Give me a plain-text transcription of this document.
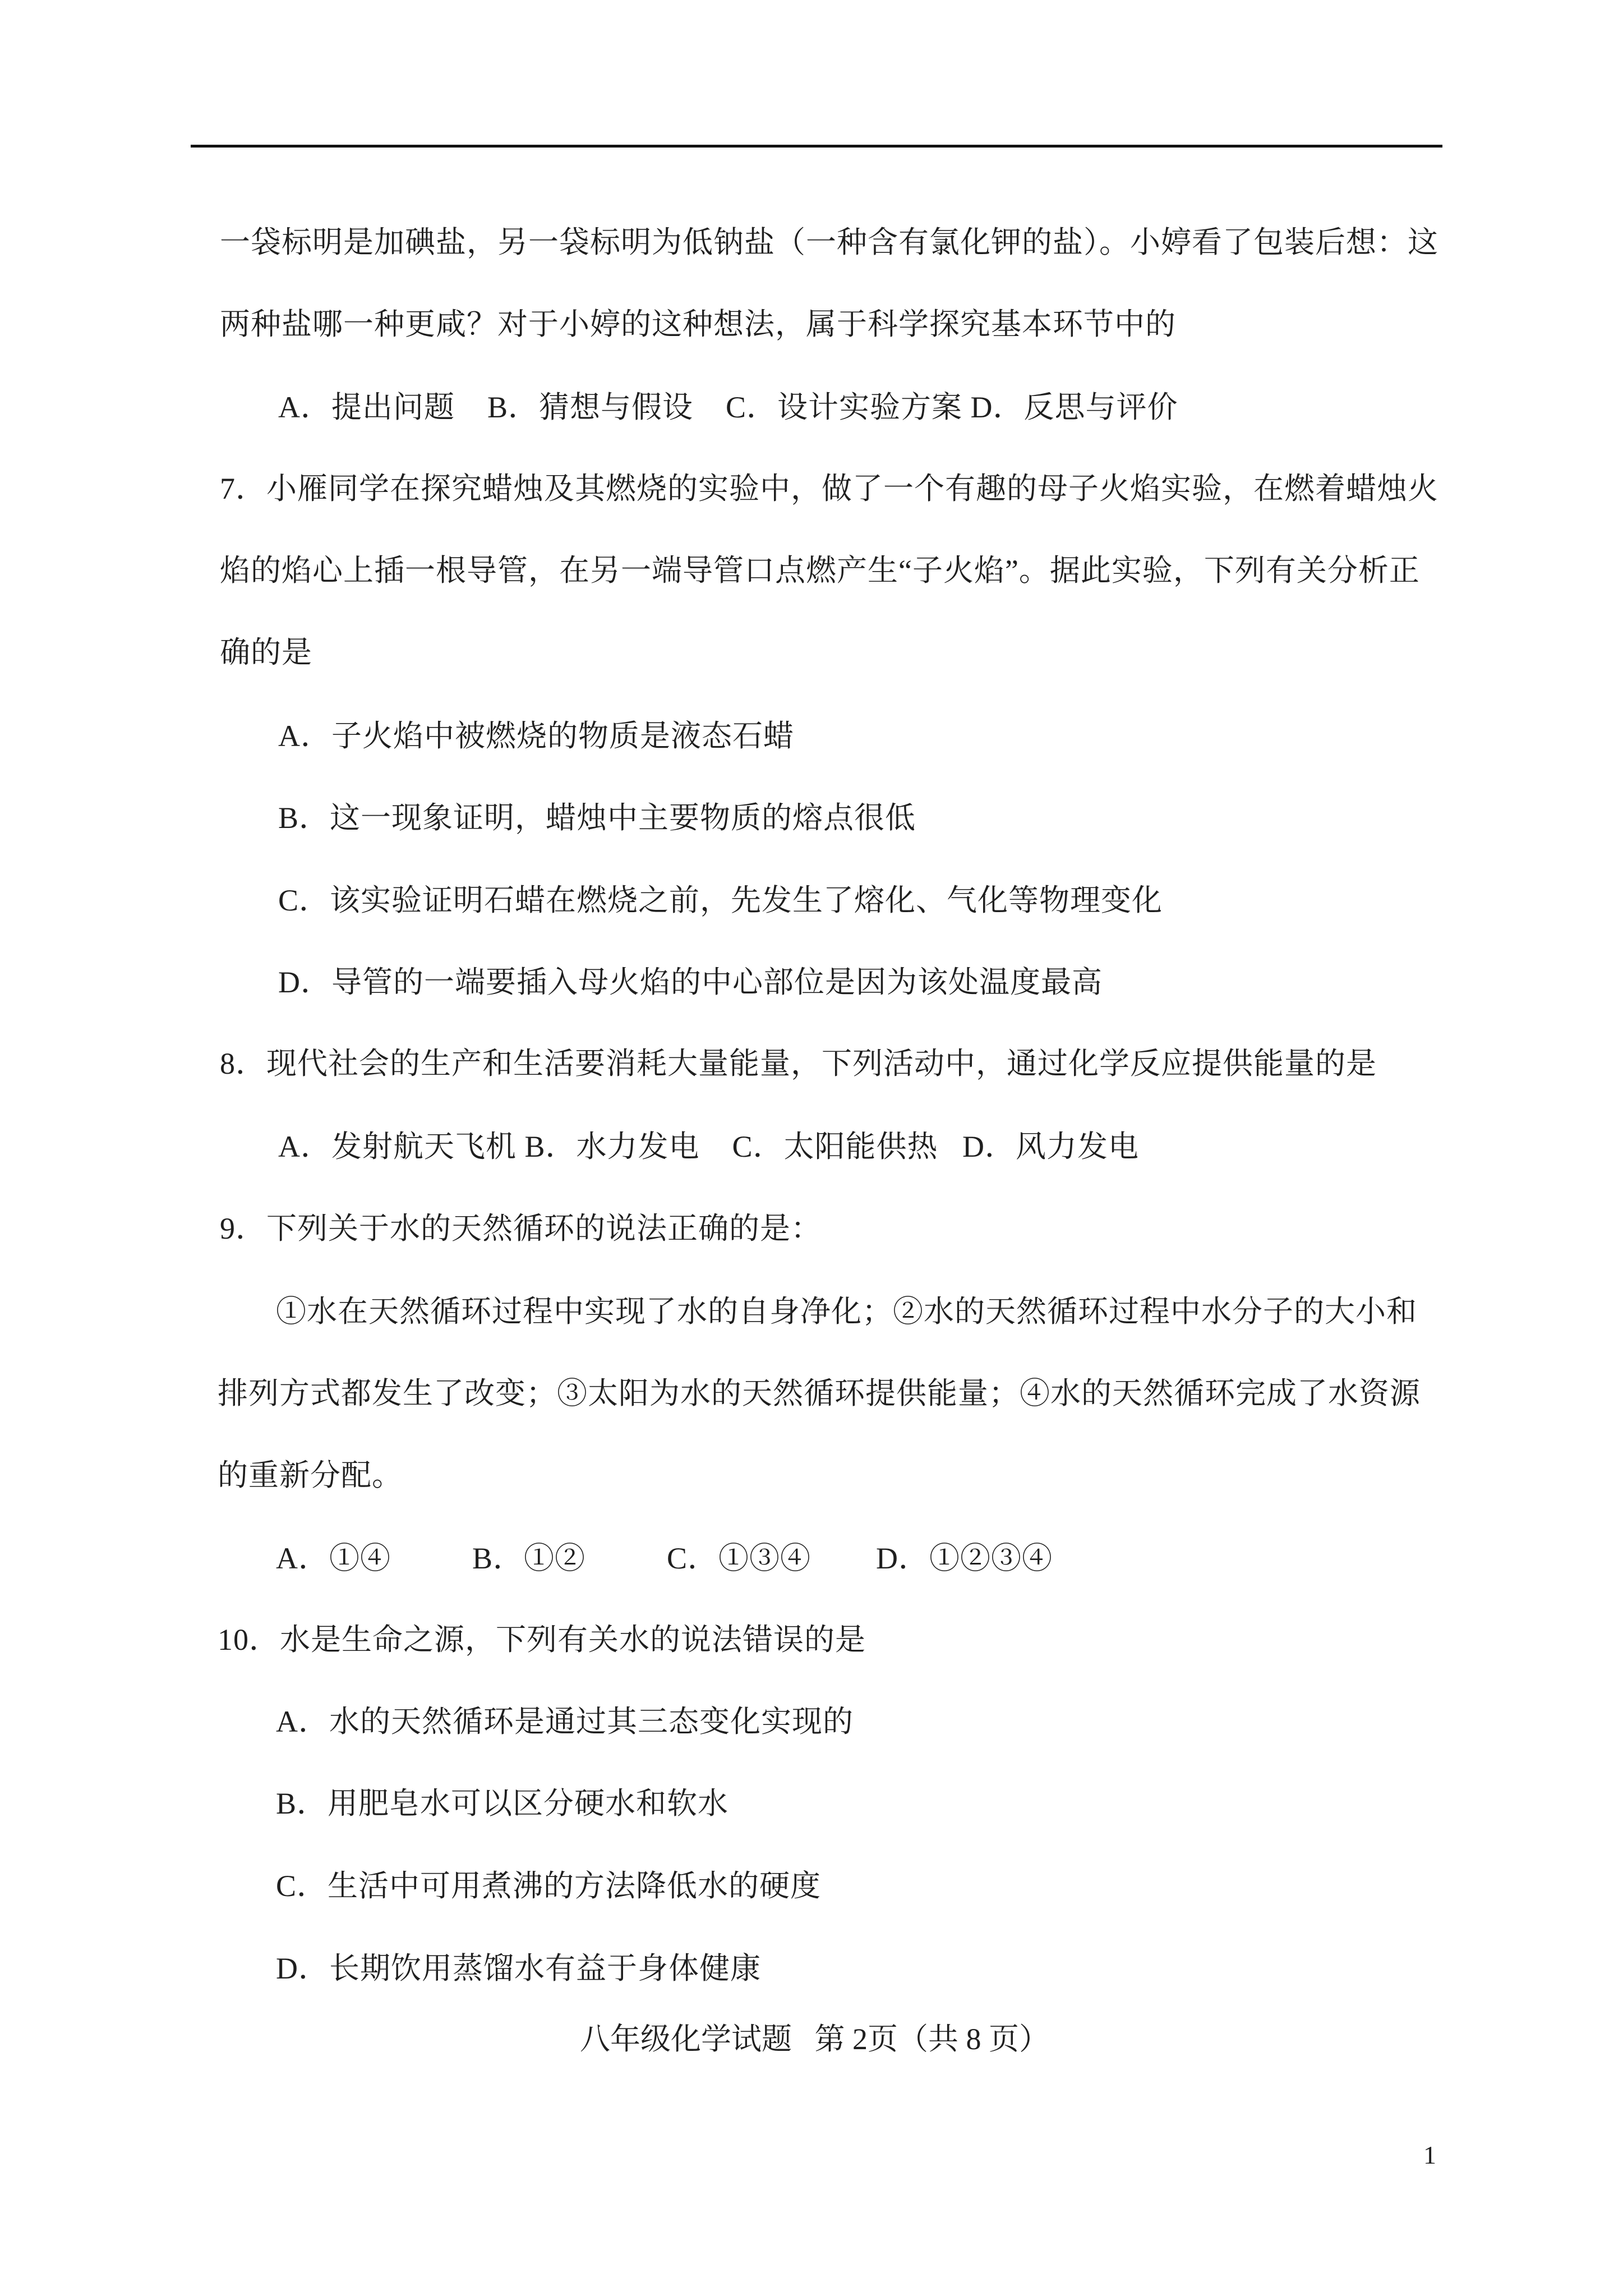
一袋标明是加碘盐，另一袋标明为低钠盐（一种含有氯化钾的盐）。小婷看了包装后想：这
两种盐哪一种更咸？对于小婷的这种想法，属于科学探究基本环节中的
A．提出问题    B．猜想与假设    C．设计实验方案 D．反思与评价
7．小雁同学在探究蜡烛及其燃烧的实验中，做了一个有趣的母子火焰实验，在燃着蜡烛火
焰的焰心上插一根导管，在另一端导管口点燃产生“子火焰”。据此实验，下列有关分析正
确的是
A．子火焰中被燃烧的物质是液态石蜡
B．这一现象证明，蜡烛中主要物质的熔点很低
C．该实验证明石蜡在燃烧之前，先发生了熔化、气化等物理变化
D．导管的一端要插入母火焰的中心部位是因为该处温度最高
8．现代社会的生产和生活要消耗大量能量，下列活动中，通过化学反应提供能量的是
A．发射航天飞机 B．水力发电    C．太阳能供热   D．风力发电
9．下列关于水的天然循环的说法正确的是：
①水在天然循环过程中实现了水的自身净化；②水的天然循环过程中水分子的大小和
排列方式都发生了改变；③太阳为水的天然循环提供能量；④水的天然循环完成了水资源
的重新分配。
A．①④          B．①②          C．①③④        D．①②③④
10．水是生命之源，下列有关水的说法错误的是
A．水的天然循环是通过其三态变化实现的
B．用肥皂水可以区分硬水和软水
C．生活中可用煮沸的方法降低水的硬度
D．长期饮用蒸馏水有益于身体健康
八年级化学试题   第 2页（共 8 页）
1
